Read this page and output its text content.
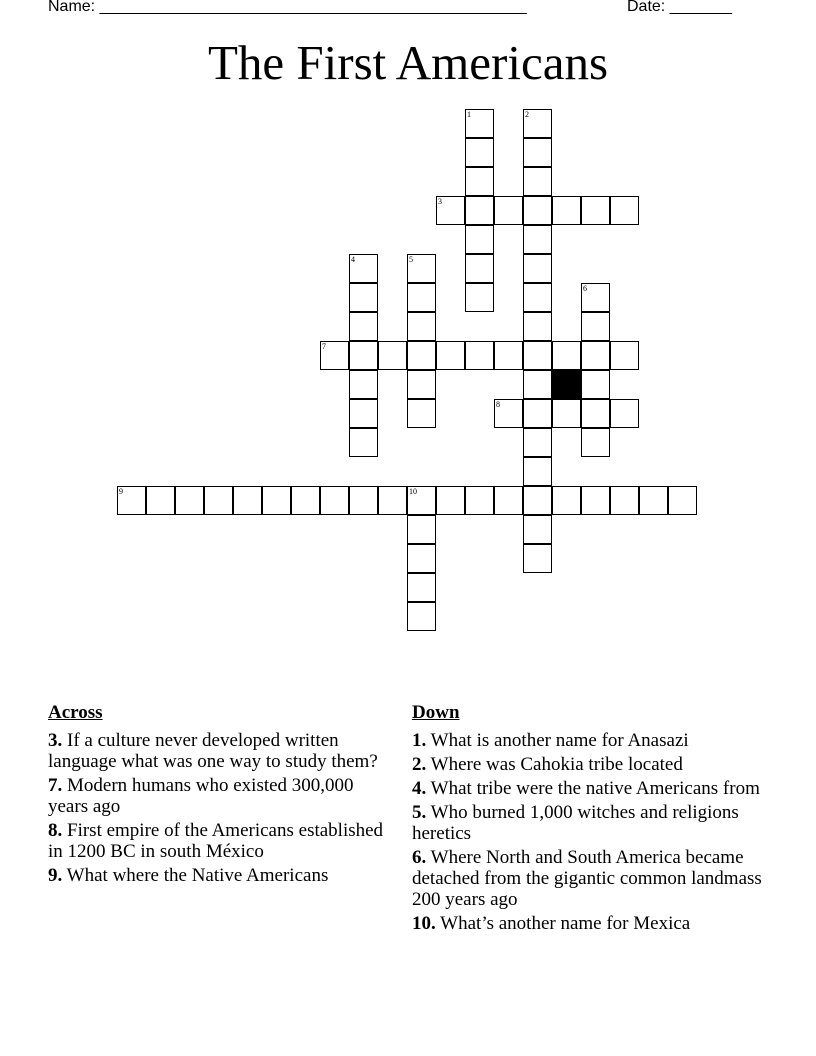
Name: ________________________________________________	Date: _______
The First Americans
1	2
3
4	5
6
7
8
9	10
Across
3. If a culture never developed written language what was one way to study them?
7. Modern humans who existed 300,000 years ago
8. First empire of the Americans established in 1200 BC in south México
9. What where the Native Americans
Down
1. What is another name for Anasazi
2. Where was Cahokia tribe located
4. What tribe were the native Americans from
5. Who burned 1,000 witches and religions heretics
6. Where North and South America became detached from the gigantic common landmass 200 years ago
10. What’s another name for Mexica
